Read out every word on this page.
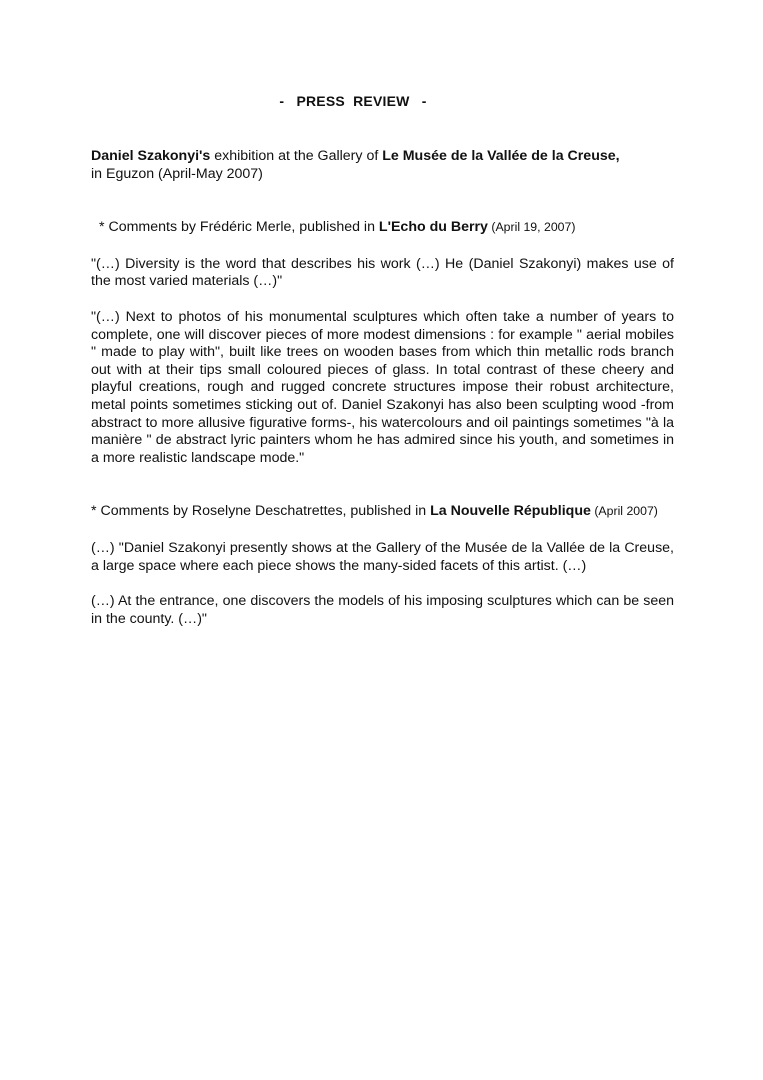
-   PRESS  REVIEW   -

Daniel Szakonyi's exhibition at the Gallery of Le Musée de la Vallée de la Creuse,
in Eguzon (April-May 2007)

* Comments by Frédéric Merle, published in L'Echo du Berry (April 19, 2007)

"(…) Diversity is the word that describes his work (…) He (Daniel Szakonyi) makes use of the most varied materials (…)"

"(…) Next to photos of his monumental sculptures which often take a number of years to complete, one will discover pieces of more modest dimensions : for example " aerial mobiles " made to play with", built like trees on wooden bases from which thin metallic rods branch out with at their tips small coloured pieces of glass. In total contrast of these cheery and playful creations, rough and rugged concrete structures impose their robust architecture, metal points sometimes sticking out of. Daniel Szakonyi has also been sculpting wood -from abstract to more allusive figurative forms-, his watercolours and oil paintings sometimes "à la manière " de abstract lyric painters whom he has admired since his youth, and sometimes in a more realistic landscape mode."

* Comments by Roselyne Deschatrettes, published in La Nouvelle République (April 2007)

(…) "Daniel Szakonyi presently shows at the Gallery of the Musée de la Vallée de la Creuse, a large space where each piece shows the many-sided facets of this artist. (…)

(…) At the entrance, one discovers the models of his imposing sculptures which can be seen in the county. (…)"
